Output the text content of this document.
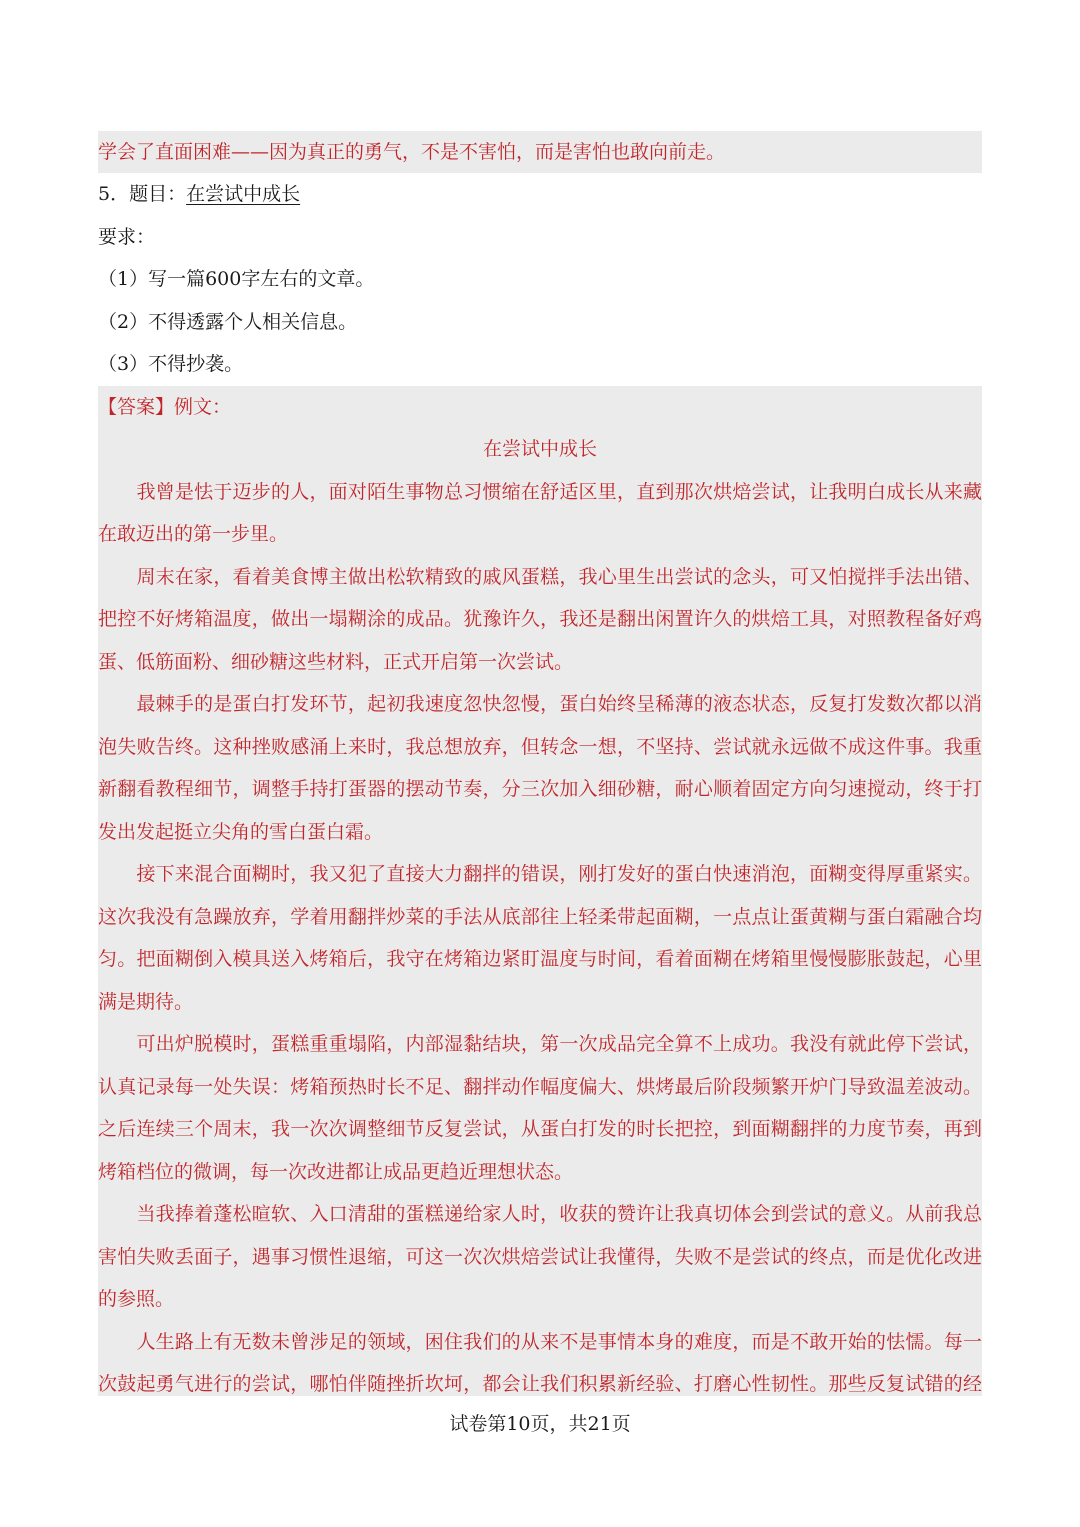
学会了直面困难——因为真正的勇气，不是不害怕，而是害怕也敢向前走。
5．题目：在尝试中成长
要求：
（1）写一篇600字左右的文章。
（2）不得透露个人相关信息。
（3）不得抄袭。
【答案】例文：
在尝试中成长
　　我曾是怯于迈步的人，面对陌生事物总习惯缩在舒适区里，直到那次烘焙尝试，让我明白成长从来藏
在敢迈出的第一步里。
　　周末在家，看着美食博主做出松软精致的戚风蛋糕，我心里生出尝试的念头，可又怕搅拌手法出错、
把控不好烤箱温度，做出一塌糊涂的成品。犹豫许久，我还是翻出闲置许久的烘焙工具，对照教程备好鸡
蛋、低筋面粉、细砂糖这些材料，正式开启第一次尝试。
　　最棘手的是蛋白打发环节，起初我速度忽快忽慢，蛋白始终呈稀薄的液态状态，反复打发数次都以消
泡失败告终。这种挫败感涌上来时，我总想放弃，但转念一想，不坚持、尝试就永远做不成这件事。我重
新翻看教程细节，调整手持打蛋器的摆动节奏，分三次加入细砂糖，耐心顺着固定方向匀速搅动，终于打
发出发起挺立尖角的雪白蛋白霜。
　　接下来混合面糊时，我又犯了直接大力翻拌的错误，刚打发好的蛋白快速消泡，面糊变得厚重紧实。
这次我没有急躁放弃，学着用翻拌炒菜的手法从底部往上轻柔带起面糊，一点点让蛋黄糊与蛋白霜融合均
匀。把面糊倒入模具送入烤箱后，我守在烤箱边紧盯温度与时间，看着面糊在烤箱里慢慢膨胀鼓起，心里
满是期待。
　　可出炉脱模时，蛋糕重重塌陷，内部湿黏结块，第一次成品完全算不上成功。我没有就此停下尝试，
认真记录每一处失误：烤箱预热时长不足、翻拌动作幅度偏大、烘烤最后阶段频繁开炉门导致温差波动。
之后连续三个周末，我一次次调整细节反复尝试，从蛋白打发的时长把控，到面糊翻拌的力度节奏，再到
烤箱档位的微调，每一次改进都让成品更趋近理想状态。
　　当我捧着蓬松暄软、入口清甜的蛋糕递给家人时，收获的赞许让我真切体会到尝试的意义。从前我总
害怕失败丢面子，遇事习惯性退缩，可这一次次烘焙尝试让我懂得，失败不是尝试的终点，而是优化改进
的参照。
　　人生路上有无数未曾涉足的领域，困住我们的从来不是事情本身的难度，而是不敢开始的怯懦。每一
次鼓起勇气进行的尝试，哪怕伴随挫折坎坷，都会让我们积累新经验、打磨心性韧性。那些反复试错的经
试卷第10页，共21页
